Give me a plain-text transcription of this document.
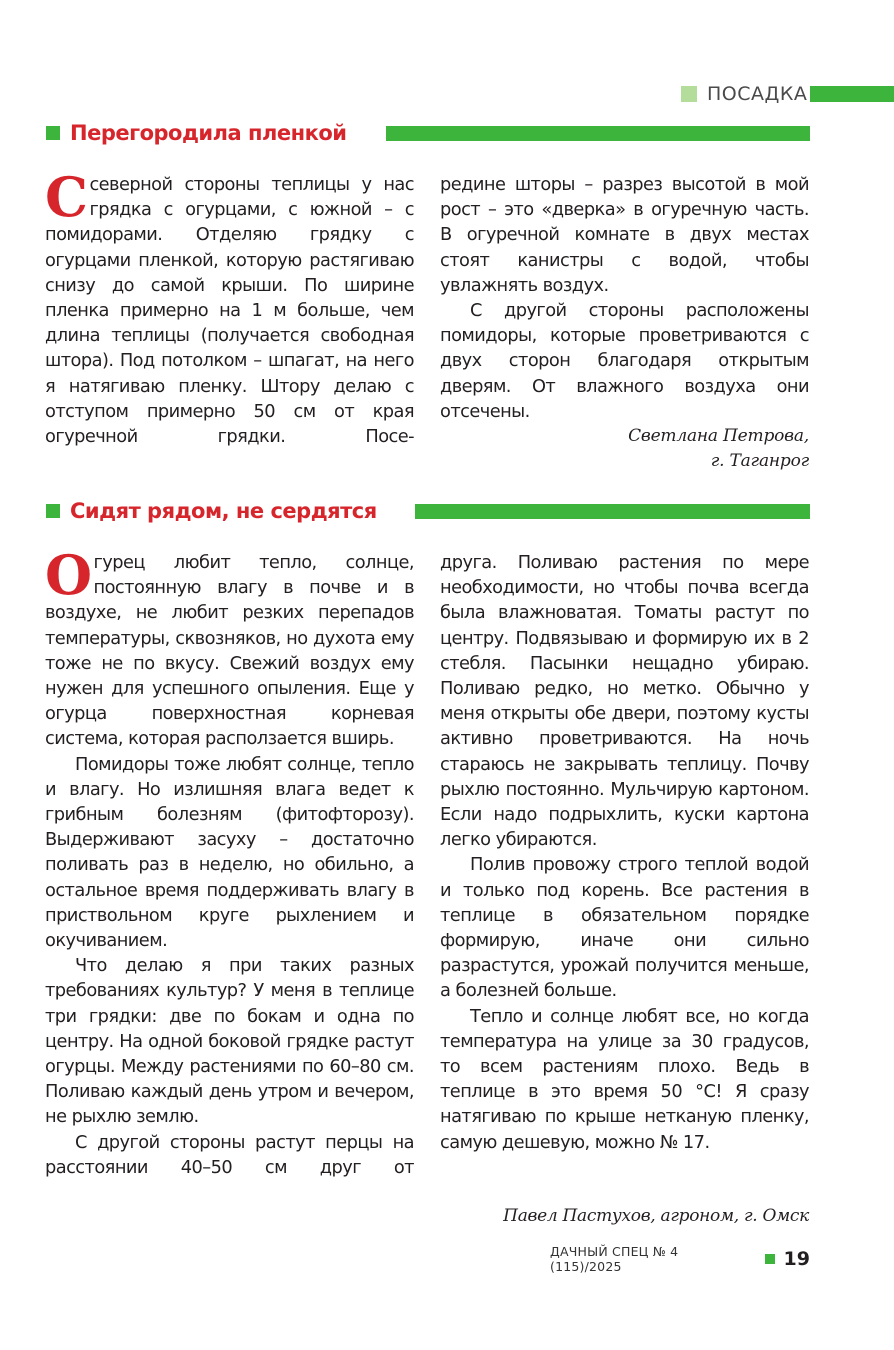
ПОСАДКА
Перегородила пленкой

Ссеверной стороны теплицы у нас грядка с огурцами, с южной – с помидорами. Отделяю грядку с огурцами пленкой, которую растягиваю снизу до самой крыши. По ширине пленка примерно на 1 м больше, чем длина теплицы (получается свободная штора). Под потолком – шпагат, на него я натягиваю пленку. Штору делаю с отступом примерно 50 см от края огуречной грядки. Посе-

редине шторы – разрез высотой в мой рост – это «дверка» в огуречную часть. В огуречной комнате в двух местах стоят канистры с водой, чтобы увлажнять воздух.

С другой стороны расположены помидоры, которые проветриваются с двух сторон благодаря открытым дверям. От влажного воздуха они отсечены.

Светлана Петрова,
г. Таганрог
Сидят рядом, не сердятся

Огурец любит тепло, солнце, постоянную влагу в почве и в воздухе, не любит резких перепадов температуры, сквозняков, но духота ему тоже не по вкусу. Свежий воздух ему нужен для успешного опыления. Еще у огурца поверхностная корневая система, которая расползается вширь.

Помидоры тоже любят солнце, тепло и влагу. Но излишняя влага ведет к грибным болезням (фитофторозу). Выдерживают засуху – достаточно поливать раз в неделю, но обильно, а остальное время поддерживать влагу в приствольном круге рыхлением и окучиванием.

Что делаю я при таких разных требованиях культур? У меня в теплице три грядки: две по бокам и одна по центру. На одной боковой грядке растут огурцы. Между растениями по 60–80 см. Поливаю каждый день утром и вечером, не рыхлю землю.

С другой стороны растут перцы на расстоянии 40–50 см друг от

друга. Поливаю растения по мере необходимости, но чтобы почва всегда была влажноватая. Томаты растут по центру. Подвязываю и формирую их в 2 стебля. Пасынки нещадно убираю. Поливаю редко, но метко. Обычно у меня открыты обе двери, поэтому кусты активно проветриваются. На ночь стараюсь не закрывать теплицу. Почву рыхлю постоянно. Мульчирую картоном. Если надо подрыхлить, куски картона легко убираются.

Полив провожу строго теплой водой и только под корень. Все растения в теплице в обязательном порядке формирую, иначе они сильно разрастутся, урожай получится меньше, а болезней больше.

Тепло и солнце любят все, но когда температура на улице за 30 градусов, то всем растениям плохо. Ведь в теплице в это время 50 °С! Я сразу натягиваю по крыше нетканую пленку, самую дешевую, можно № 17.

Павел Пастухов, агроном, г. Омск
ДАЧНЫЙ СПЕЦ № 4 (115)/2025	19
